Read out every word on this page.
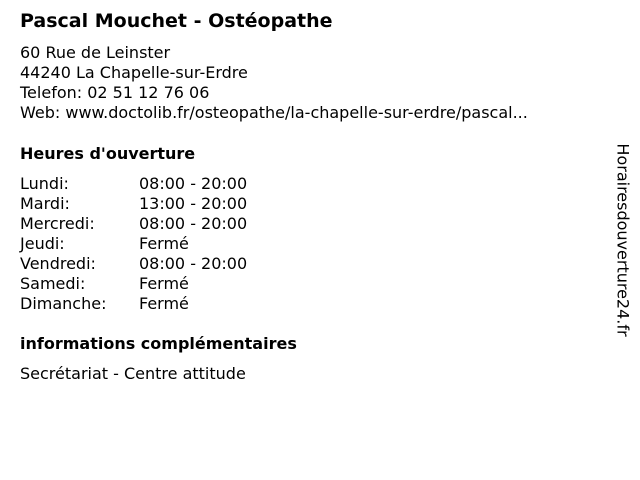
Pascal Mouchet - Ostéopathe
60 Rue de Leinster
44240 La Chapelle-sur-Erdre
Telefon: 02 51 12 76 06
Web: www.doctolib.fr/osteopathe/la-chapelle-sur-erdre/pascal...
Heures d'ouverture
Lundi:	08:00 - 20:00
Mardi:	13:00 - 20:00
Mercredi:	08:00 - 20:00
Jeudi:	Fermé
Vendredi:	08:00 - 20:00
Samedi:	Fermé
Dimanche:	Fermé
informations complémentaires
Secrétariat - Centre attitude
Horairesdouverture24.fr
